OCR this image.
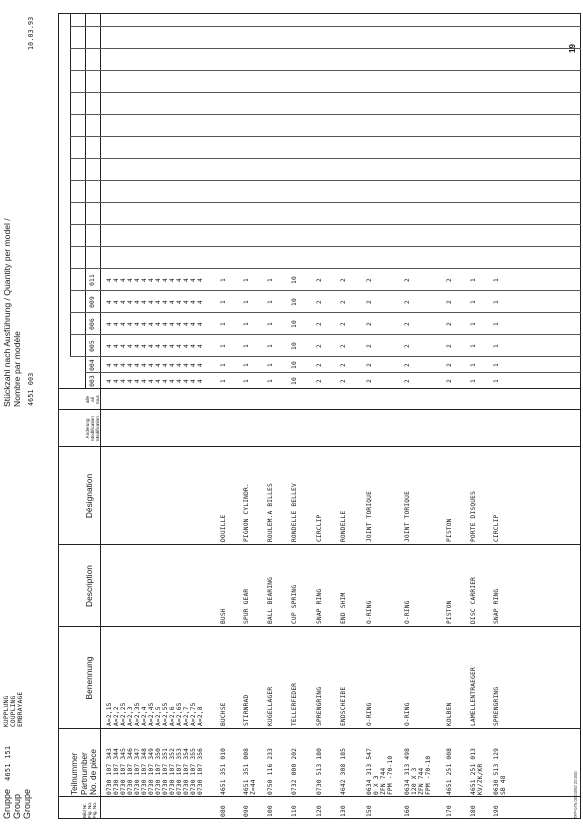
Gruppe Group Groupe
4651 151
KUPPLUNG COUPLING EMBRAYAGE
Stückzahl nach Ausführung / Quantity per model / Nombre par modèle 4651 003
10.03.93
Bild Nr. Fig. No. Fig. No.
Teilnummer Partnumber No. de pièce
Benennung
Description
Désignation
Änderung Modification Modification
alle all tous
003
004
005
006
009
011
0730 107 343
A=2,15
4
4
4
4
4
4
0730 107 344
A=2,2
4
4
4
4
4
4
0730 107 345
A=2,25
4
4
4
4
4
4
0730 107 346
A=2,3
4
4
4
4
4
4
0730 107 347
A=2,35
4
4
4
4
4
4
0730 107 348
A=2,4
4
4
4
4
4
4
0730 107 349
A=2,45
4
4
4
4
4
4
0730 107 350
A=2,5
4
4
4
4
4
4
0730 107 351
A=2,55
4
4
4
4
4
4
0730 107 352
A=2,6
4
4
4
4
4
4
0730 107 353
A=2,65
4
4
4
4
4
4
0730 107 354
A=2,7
4
4
4
4
4
4
0730 107 355
A=2,75
4
4
4
4
4
4
0730 107 356
A=2,8
4
4
4
4
4
4
080
4651 351 010
BUCHSE
BUSH
DOUILLE
1
1
1
1
1
1
090
4651 351 008 Z=44
STIRNRAD
SPUR GEAR
PIGNON CYLINDR.
1
1
1
1
1
1
100
0750 116 233
KUGELLAGER
BALL BEARING
ROULEM.A BILLES
1
1
1
1
1
1
110
0732 000 202
TELLERFEDER
CUP SPRING
RONDELLE BELLEV
10
10
10
10
10
10
120
0730 513 180
SPRENGRING
SNAP RING
CIRCLIP
2
2
2
2
2
2
130
4642 308 185
ENDSCHEIBE
END SHIM
RONDELLE
2
2
2
2
2
2
150
0634 313 547 0 X 3 ZFN 744 FPM -70-10
O-RING
O-RING
JOINT TORIQUE
2
2
2
2
2
2
160
0634 313 498 120 X 3 ZFN 744 FPM -70-10
O-RING
O-RING
JOINT TORIQUE
2
2
2
2
2
2
170
4651 251 008
KOLBEN
PISTON
PISTON
2
2
2
2
2
2
180
4651 251 013 KV/ZK/KR
LAMELLENTRAEGER
DISC CARRIER
PORTE DISQUES
1
1
1
1
1
1
190
0630 513 129 SB 48
SPRENGRING
SNAP RING
CIRCLIP
1
1
1
1
1
1
ZFP-076.00 03/92 20.000
19
